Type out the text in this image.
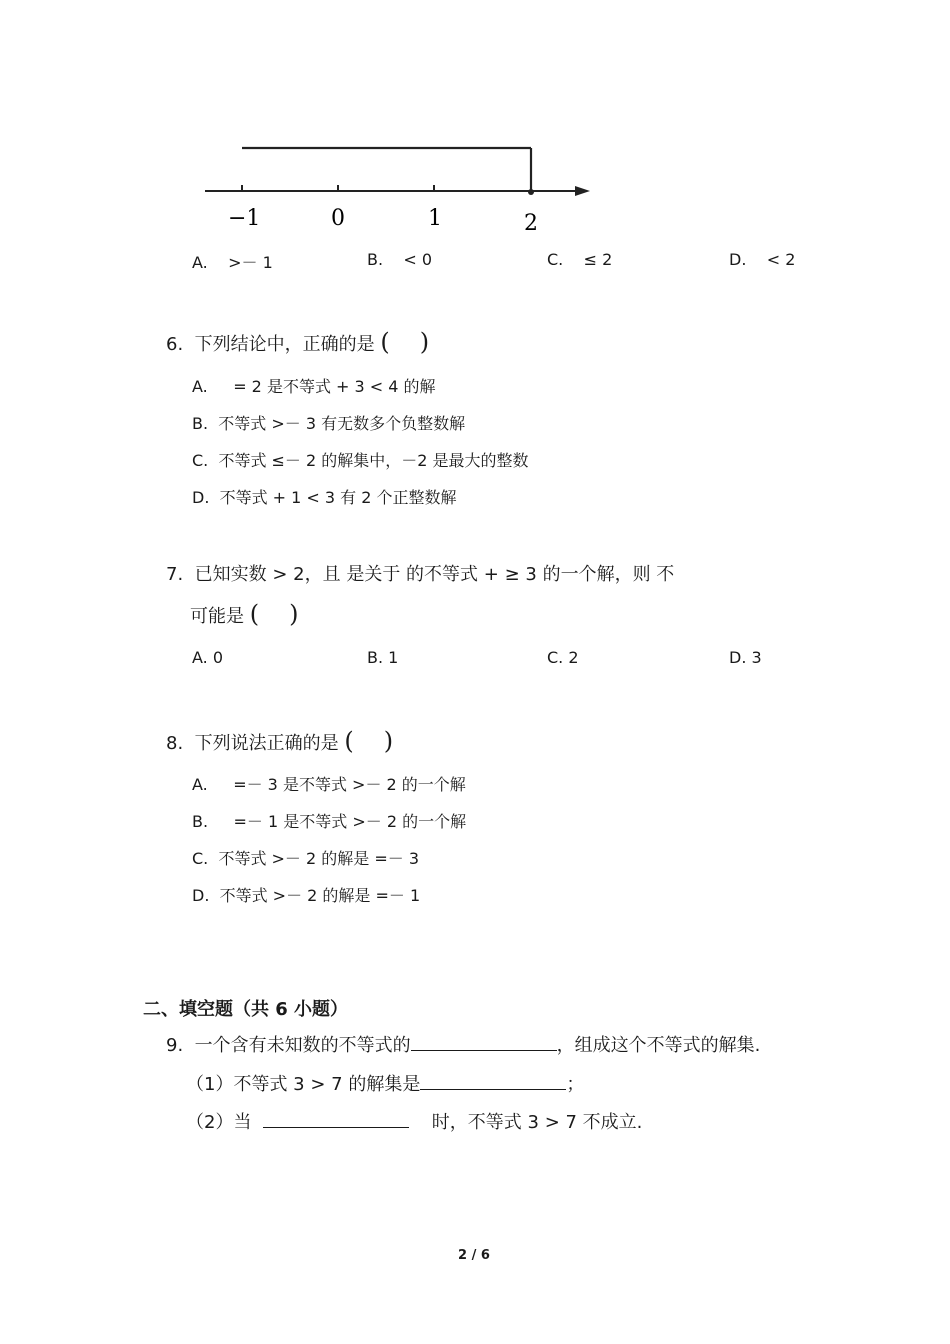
−1	0	1	2
A. >－ 1	B. < 0	C. ≤ 2	D. < 2
6. 下列结论中，正确的是 ( )
A. = 2 是不等式 + 3 < 4 的解
B. 不等式 >－ 3 有无数多个负整数解
C. 不等式 ≤－ 2 的解集中，－2 是最大的整数
D. 不等式 + 1 < 3 有 2 个正整数解
7. 已知实数 > 2，且 是关于 的不等式 + ≥ 3 的一个解，则 不
可能是 ( )
A. 0	B. 1	C. 2	D. 3
8. 下列说法正确的是 ( )
A. =－ 3 是不等式 >－ 2 的一个解
B. =－ 1 是不等式 >－ 2 的一个解
C. 不等式 >－ 2 的解是 =－ 3
D. 不等式 >－ 2 的解是 =－ 1
二、填空题（共 6 小题）
9. 一个含有未知数的不等式的	，组成这个不等式的解集.
（1）不等式 3 > 7 的解集是	；
（2）当	时，不等式 3 > 7 不成立.
2 / 6
